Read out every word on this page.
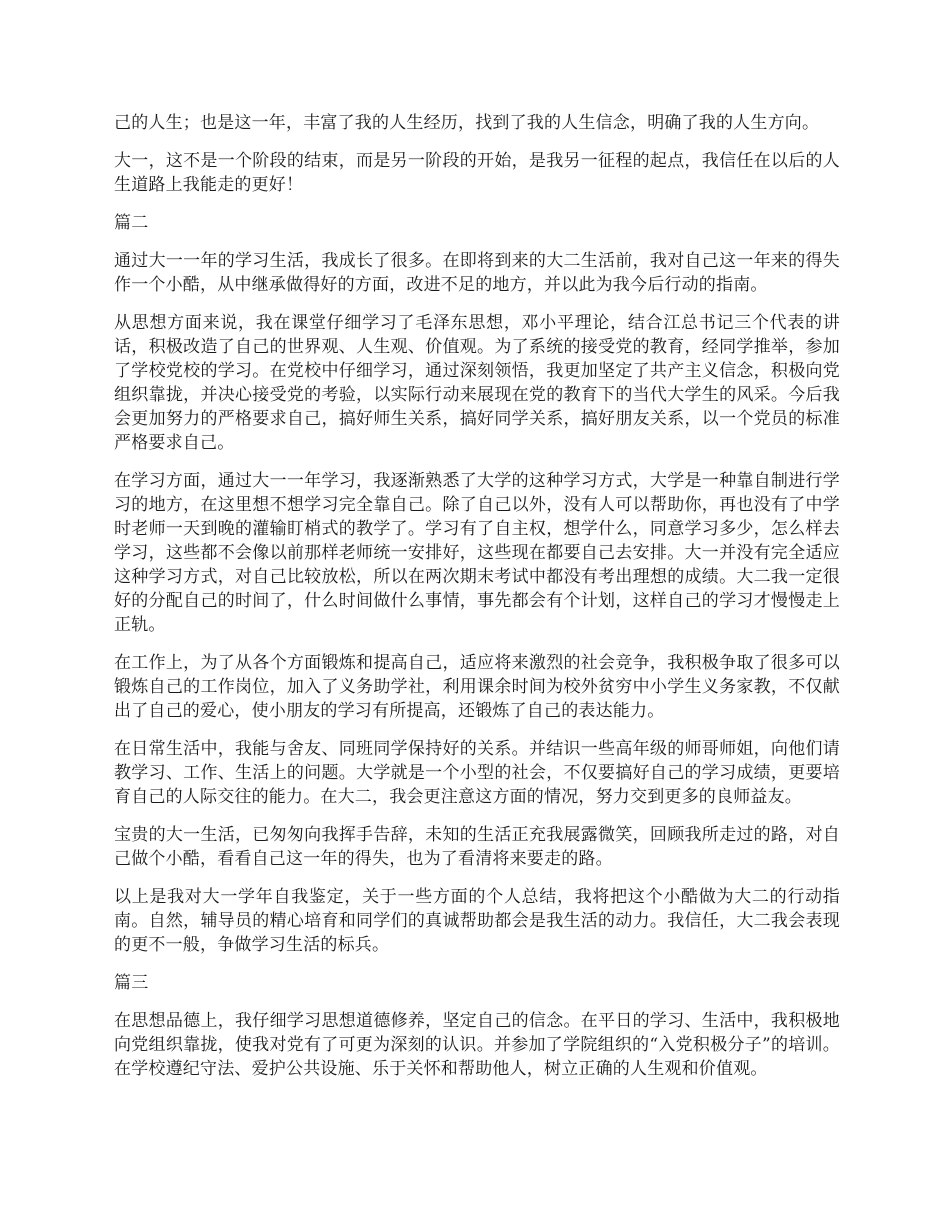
己的人生；也是这一年，丰富了我的人生经历，找到了我的人生信念，明确了我的人生方向。

大一，这不是一个阶段的结束，而是另一阶段的开始，是我另一征程的起点，我信任在以后的人生道路上我能走的更好！

篇二

通过大一一年的学习生活，我成长了很多。在即将到来的大二生活前，我对自己这一年来的得失作一个小酷，从中继承做得好的方面，改进不足的地方，并以此为我今后行动的指南。

从思想方面来说，我在课堂仔细学习了毛泽东思想，邓小平理论，结合江总书记三个代表的讲话，积极改造了自己的世界观、人生观、价值观。为了系统的接受党的教育，经同学推举，参加了学校党校的学习。在党校中仔细学习，通过深刻领悟，我更加坚定了共产主义信念，积极向党组织靠拢，并决心接受党的考验，以实际行动来展现在党的教育下的当代大学生的风采。今后我会更加努力的严格要求自己，搞好师生关系，搞好同学关系，搞好朋友关系，以一个党员的标准严格要求自己。

在学习方面，通过大一一年学习，我逐渐熟悉了大学的这种学习方式，大学是一种靠自制进行学习的地方，在这里想不想学习完全靠自己。除了自己以外，没有人可以帮助你，再也没有了中学时老师一天到晚的灌输盯梢式的教学了。学习有了自主权，想学什么，同意学习多少，怎么样去学习，这些都不会像以前那样老师统一安排好，这些现在都要自己去安排。大一并没有完全适应这种学习方式，对自己比较放松，所以在两次期末考试中都没有考出理想的成绩。大二我一定很好的分配自己的时间了，什么时间做什么事情，事先都会有个计划，这样自己的学习才慢慢走上正轨。

在工作上，为了从各个方面锻炼和提高自己，适应将来激烈的社会竞争，我积极争取了很多可以锻炼自己的工作岗位，加入了义务助学社，利用课余时间为校外贫穷中小学生义务家教，不仅献出了自己的爱心，使小朋友的学习有所提高，还锻炼了自己的表达能力。

在日常生活中，我能与舍友、同班同学保持好的关系。并结识一些高年级的师哥师姐，向他们请教学习、工作、生活上的问题。大学就是一个小型的社会，不仅要搞好自己的学习成绩，更要培育自己的人际交往的能力。在大二，我会更注意这方面的情况，努力交到更多的良师益友。

宝贵的大一生活，已匆匆向我挥手告辞，未知的生活正充我展露微笑，回顾我所走过的路，对自己做个小酷，看看自己这一年的得失，也为了看清将来要走的路。

以上是我对大一学年自我鉴定，关于一些方面的个人总结，我将把这个小酷做为大二的行动指南。自然，辅导员的精心培育和同学们的真诚帮助都会是我生活的动力。我信任，大二我会表现的更不一般，争做学习生活的标兵。

篇三

在思想品德上，我仔细学习思想道德修养，坚定自己的信念。在平日的学习、生活中，我积极地向党组织靠拢，使我对党有了可更为深刻的认识。并参加了学院组织的“入党积极分子”的培训。在学校遵纪守法、爱护公共设施、乐于关怀和帮助他人，树立正确的人生观和价值观。
